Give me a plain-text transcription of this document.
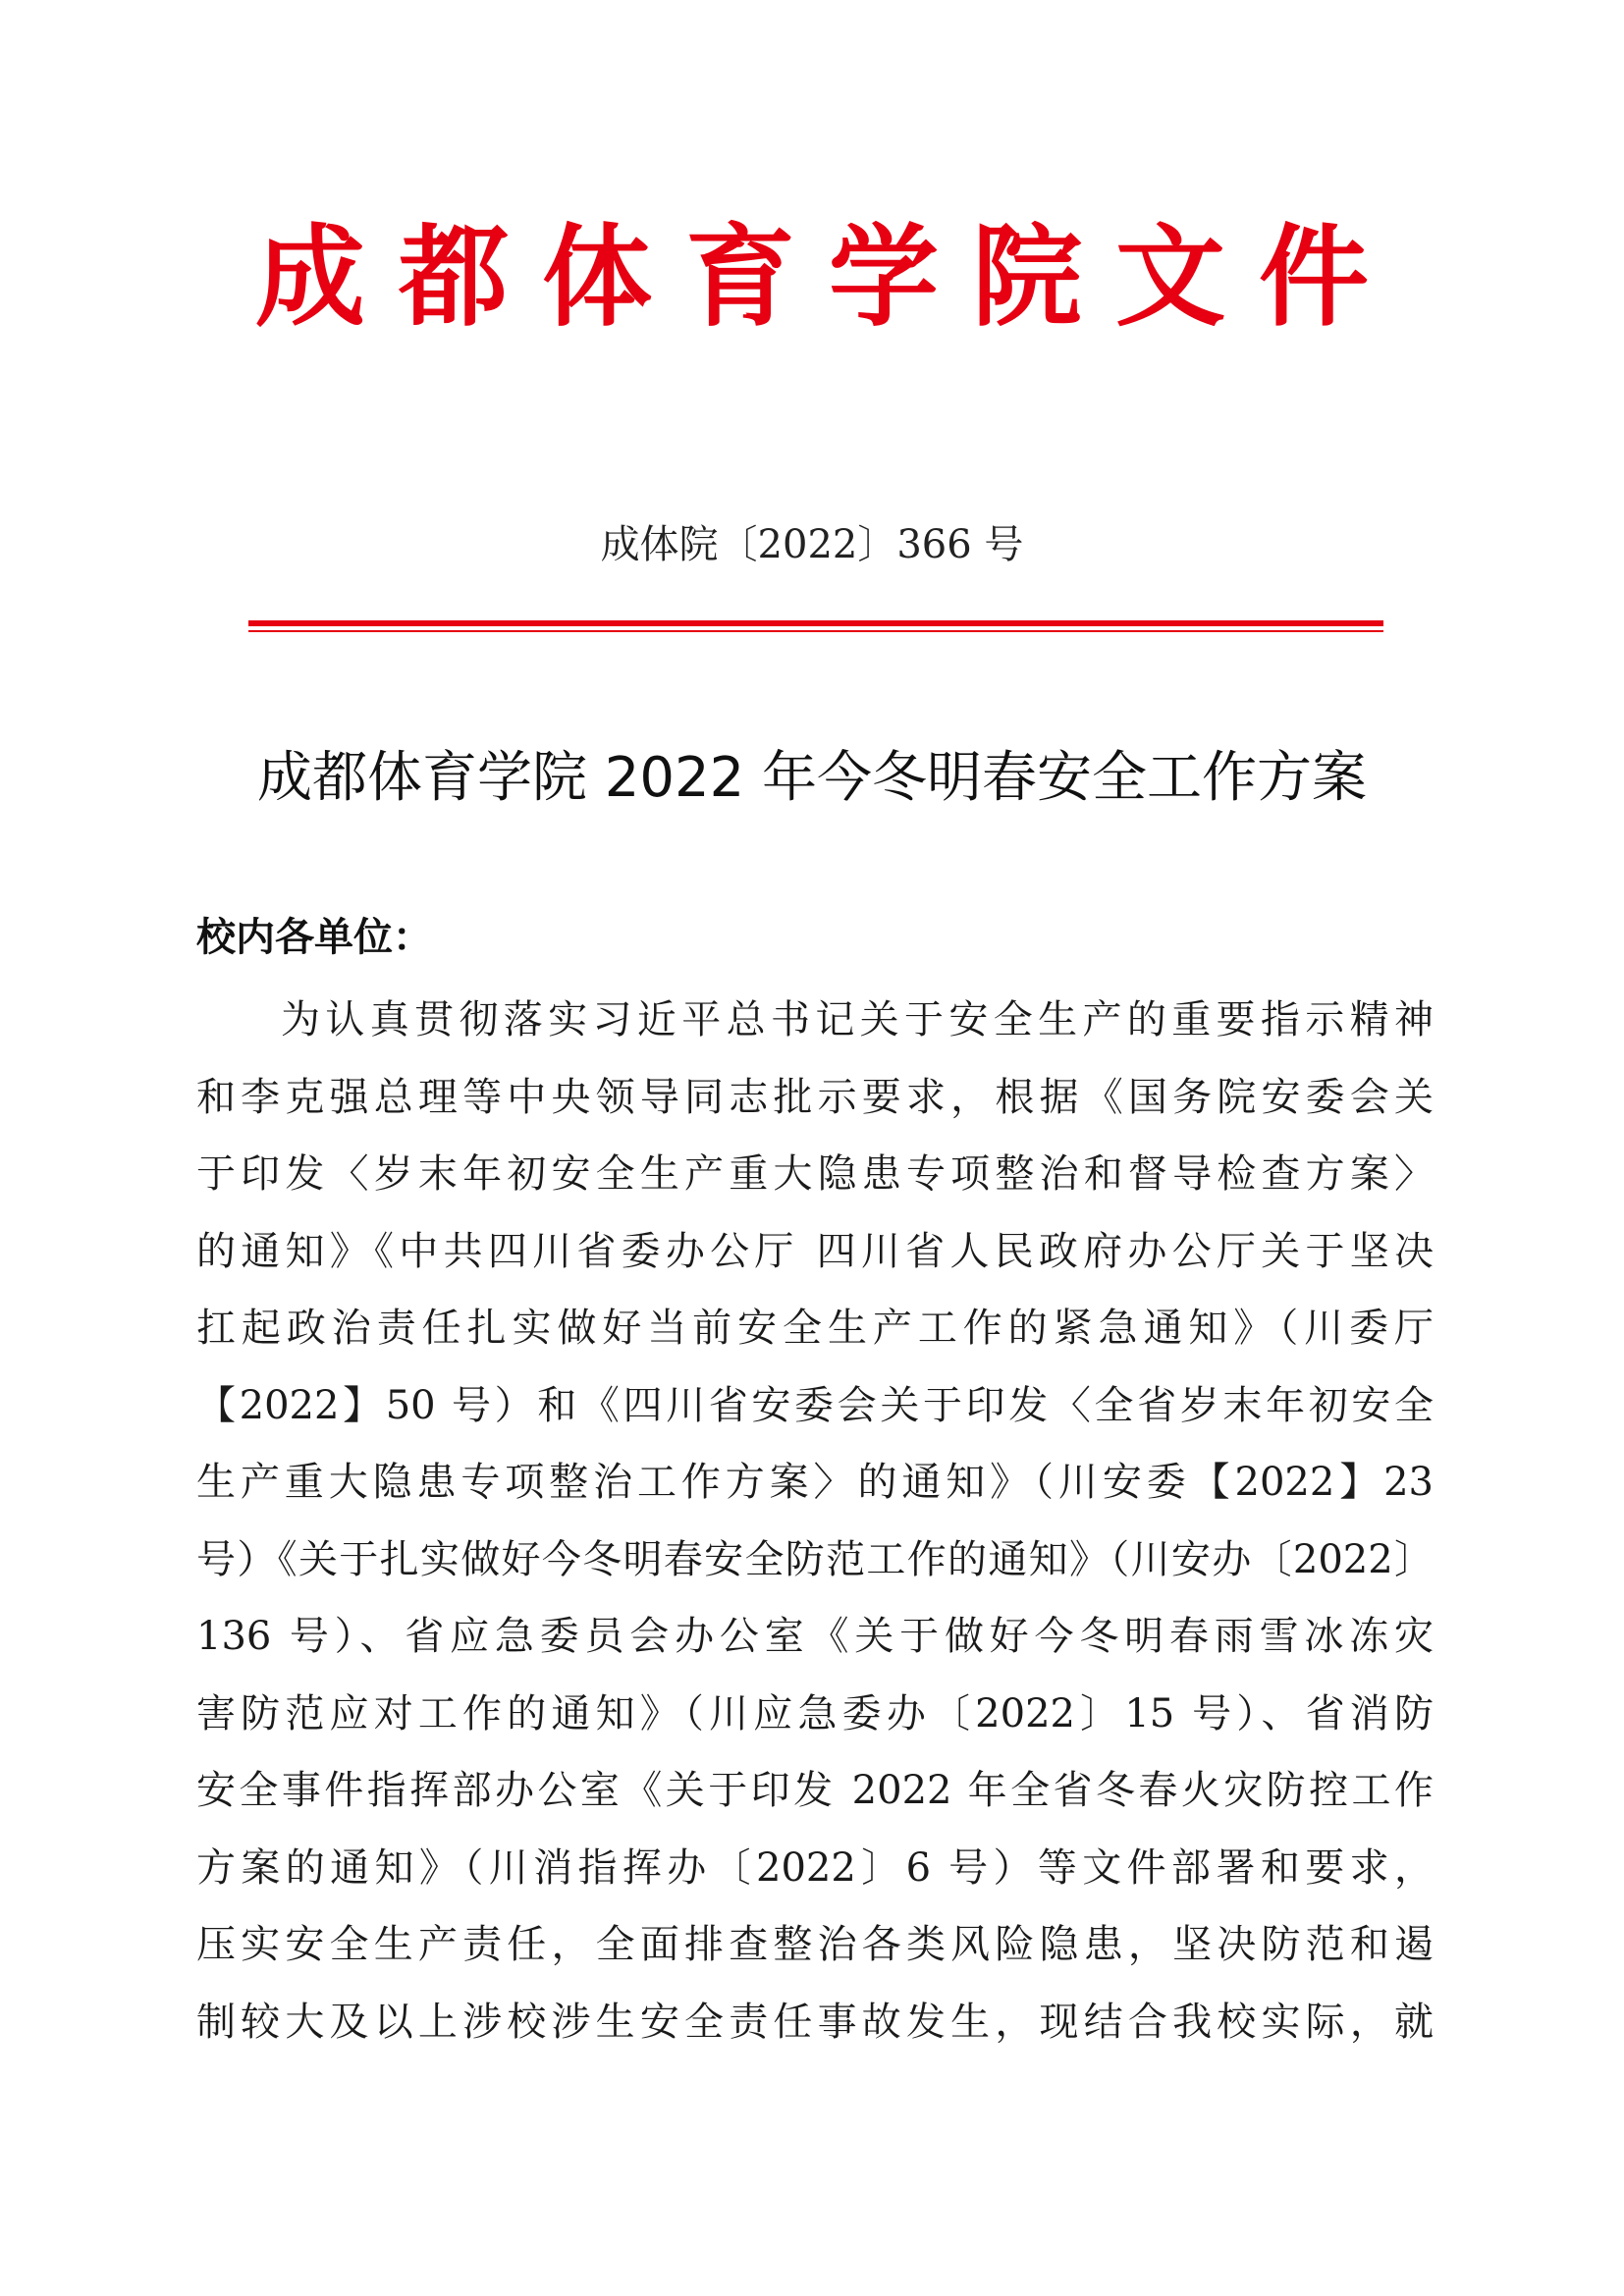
成都体育学院文件
成体院〔2022〕366 号
成都体育学院 2022 年今冬明春安全工作方案
校内各单位：
为认真贯彻落实习近平总书记关于安全生产的重要指示精神
和李克强总理等中央领导同志批示要求，根据《国务院安委会关
于印发〈岁末年初安全生产重大隐患专项整治和督导检查方案〉
的通知》《中共四川省委办公厅 四川省人民政府办公厅关于坚决
扛起政治责任扎实做好当前安全生产工作的紧急通知》（川委厅
【2022】50 号）和《四川省安委会关于印发〈全省岁末年初安全
生产重大隐患专项整治工作方案〉的通知》（川安委【2022】23
号）《关于扎实做好今冬明春安全防范工作的通知》（川安办〔2022〕
136 号）、省应急委员会办公室《关于做好今冬明春雨雪冰冻灾
害防范应对工作的通知》（川应急委办〔2022〕15 号）、省消防
安全事件指挥部办公室《关于印发 2022 年全省冬春火灾防控工作
方案的通知》（川消指挥办〔2022〕6 号）等文件部署和要求，
压实安全生产责任，全面排查整治各类风险隐患，坚决防范和遏
制较大及以上涉校涉生安全责任事故发生，现结合我校实际，就
